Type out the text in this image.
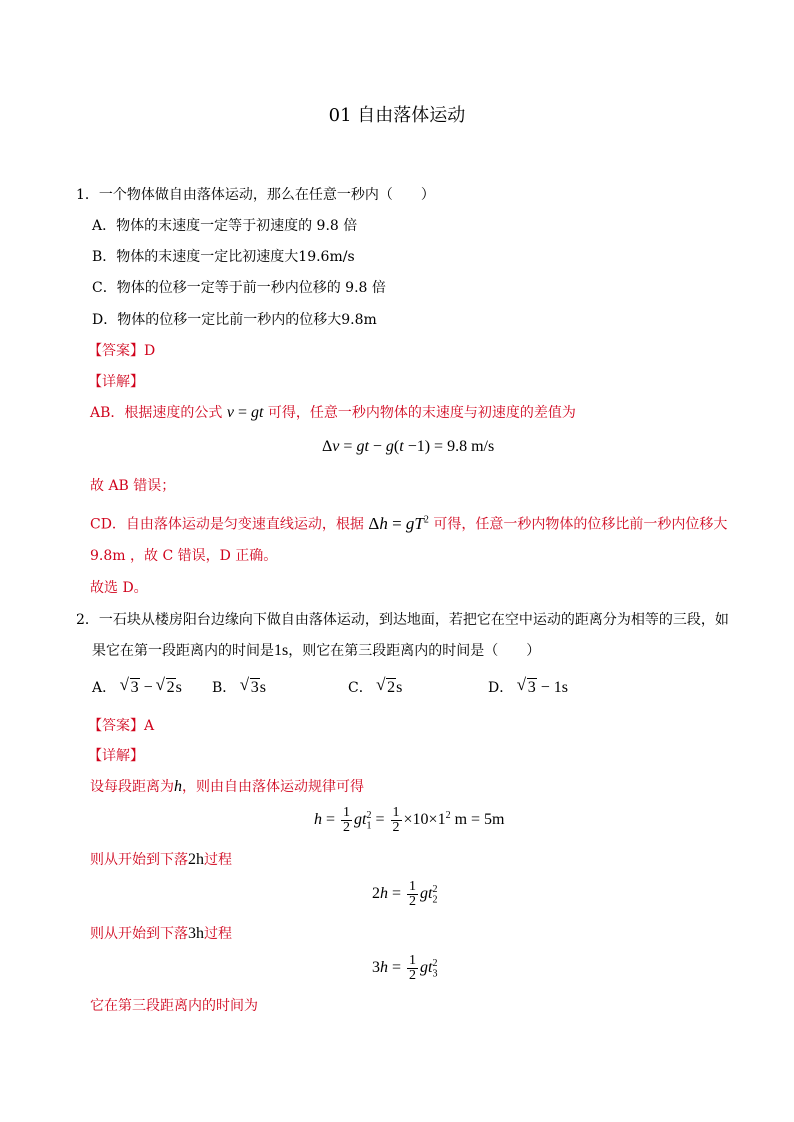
01 自由落体运动
1．一个物体做自由落体运动，那么在任意一秒内（　　）
A．物体的末速度一定等于初速度的 9.8 倍
B．物体的末速度一定比初速度大19.6m/s
C．物体的位移一定等于前一秒内位移的 9.8 倍
D．物体的位移一定比前一秒内的位移大9.8m
【答案】D
【详解】
AB．根据速度的公式 v = gt 可得，任意一秒内物体的末速度与初速度的差值为
Δv = gt − g(t −1) = 9.8 m/s
故 AB 错误；
CD．自由落体运动是匀变速直线运动，根据 $\Delta h = gT^2$ 可得，任意一秒内物体的位移比前一秒内位移大
9.8m ，故 C 错误，D 正确。
故选 D。
2．一石块从楼房阳台边缘向下做自由落体运动，到达地面，若把它在空中运动的距离分为相等的三段，如
果它在第一段距离内的时间是1s，则它在第三段距离内的时间是（　　）
A． √ 3 − √ 2s B． √ 3s	C． √ 2s	D． √ 3 − 1s
【答案】A
【详解】
设每段距离为h，则由自由落体运动规律可得
$h = \frac{1}{2} gt_1^2 = \frac{1}{2} \times 10\times 1^2$ m = 5m
则从开始到下落2h过程
$2h = \frac{1}{2} gt_2^2$
则从开始到下落3h过程
$3h = \frac{1}{2} gt_3^2$
它在第三段距离内的时间为
